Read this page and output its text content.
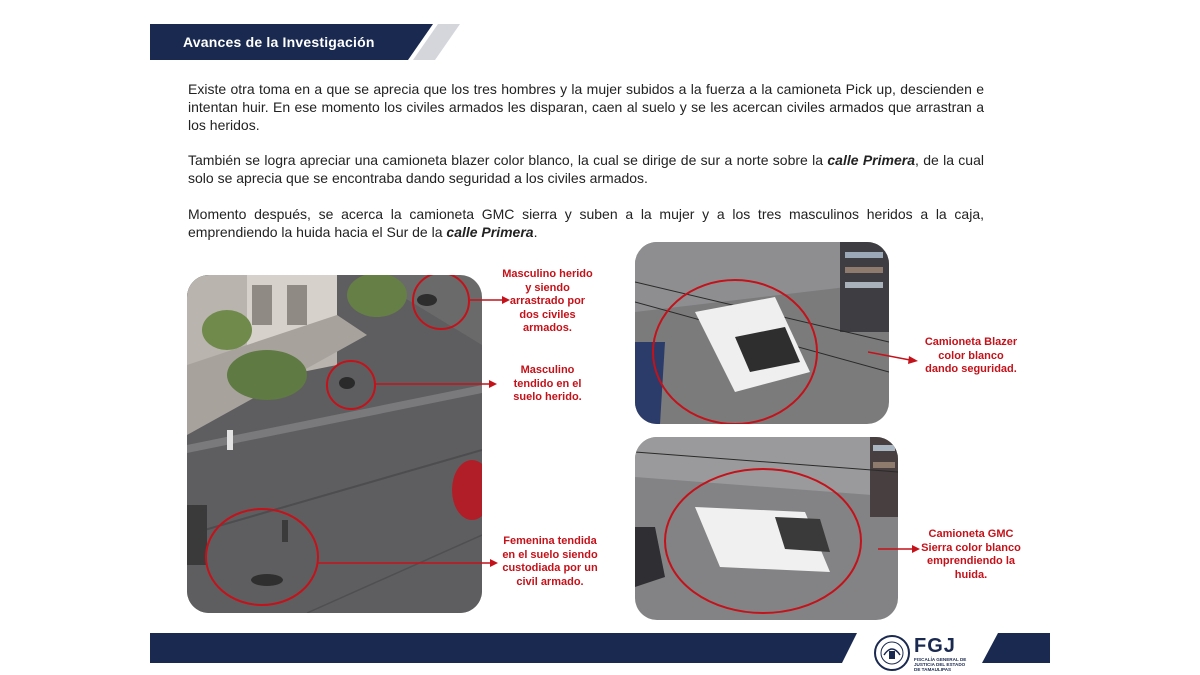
Avances de la Investigación
Existe otra toma en a que se aprecia que los tres hombres y la mujer subidos a la fuerza a la camioneta Pick up, descienden e intentan huir. En ese momento los civiles armados les disparan, caen al suelo y se les acercan civiles armados que arrastran a los heridos.
También se logra apreciar una camioneta blazer color blanco, la cual se dirige de sur a norte sobre la calle Primera, de la cual solo se aprecia que se encontraba dando seguridad a los civiles armados.
Momento después, se acerca la camioneta GMC sierra y suben a la mujer y a los tres masculinos heridos a la caja, emprendiendo la huida hacia el Sur de la calle Primera.
Masculino herido y siendo arrastrado por dos civiles armados.
Masculino tendido en el suelo herido.
Femenina tendida en el suelo siendo custodiada por un civil armado.
Camioneta Blazer color blanco dando seguridad.
Camioneta GMC Sierra color blanco emprendiendo la huida.
FGJ
FISCALÍA GENERAL DE JUSTICIA DEL ESTADO DE TAMAULIPAS
